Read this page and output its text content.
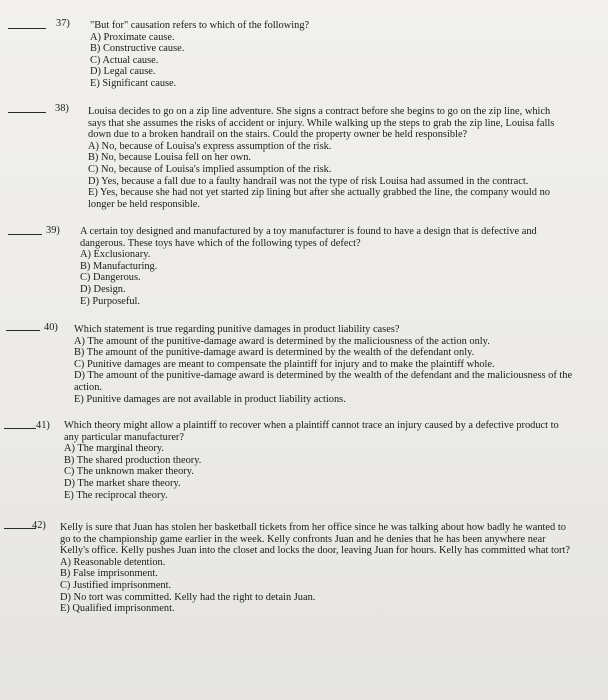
37) "But for" causation refers to which of the following?

A) Proximate cause.

B) Constructive cause.

C) Actual cause.

D) Legal cause.

E) Significant cause.

38) Louisa decides to go on a zip line adventure. She signs a contract before she begins to go on the zip line, which says that she assumes the risks of accident or injury. While walking up the steps to grab the zip line, Louisa falls down due to a broken handrail on the stairs. Could the property owner be held responsible?

A) No, because of Louisa's express assumption of the risk.

B) No, because Louisa fell on her own.

C) No, because of Louisa's implied assumption of the risk.

D) Yes, because a fall due to a faulty handrail was not the type of risk Louisa had assumed in the contract.

E) Yes, because she had not yet started zip lining but after she actually grabbed the line, the company would no longer be held responsible.

39) A certain toy designed and manufactured by a toy manufacturer is found to have a design that is defective and dangerous. These toys have which of the following types of defect?

A) Exclusionary.

B) Manufacturing.

C) Dangerous.

D) Design.

E) Purposeful.

40) Which statement is true regarding punitive damages in product liability cases?

A) The amount of the punitive-damage award is determined by the maliciousness of the action only.

B) The amount of the punitive-damage award is determined by the wealth of the defendant only.

C) Punitive damages are meant to compensate the plaintiff for injury and to make the plaintiff whole.

D) The amount of the punitive-damage award is determined by the wealth of the defendant and the maliciousness of the action.

E) Punitive damages are not available in product liability actions.

41) Which theory might allow a plaintiff to recover when a plaintiff cannot trace an injury caused by a defective product to any particular manufacturer?

A) The marginal theory.

B) The shared production theory.

C) The unknown maker theory.

D) The market share theory.

E) The reciprocal theory.

42) Kelly is sure that Juan has stolen her basketball tickets from her office since he was talking about how badly he wanted to go to the championship game earlier in the week. Kelly confronts Juan and he denies that he has been anywhere near Kelly's office. Kelly pushes Juan into the closet and locks the door, leaving Juan for hours. Kelly has committed what tort?

A) Reasonable detention.

B) False imprisonment.

C) Justified imprisonment.

D) No tort was committed. Kelly had the right to detain Juan.

E) Qualified imprisonment.
